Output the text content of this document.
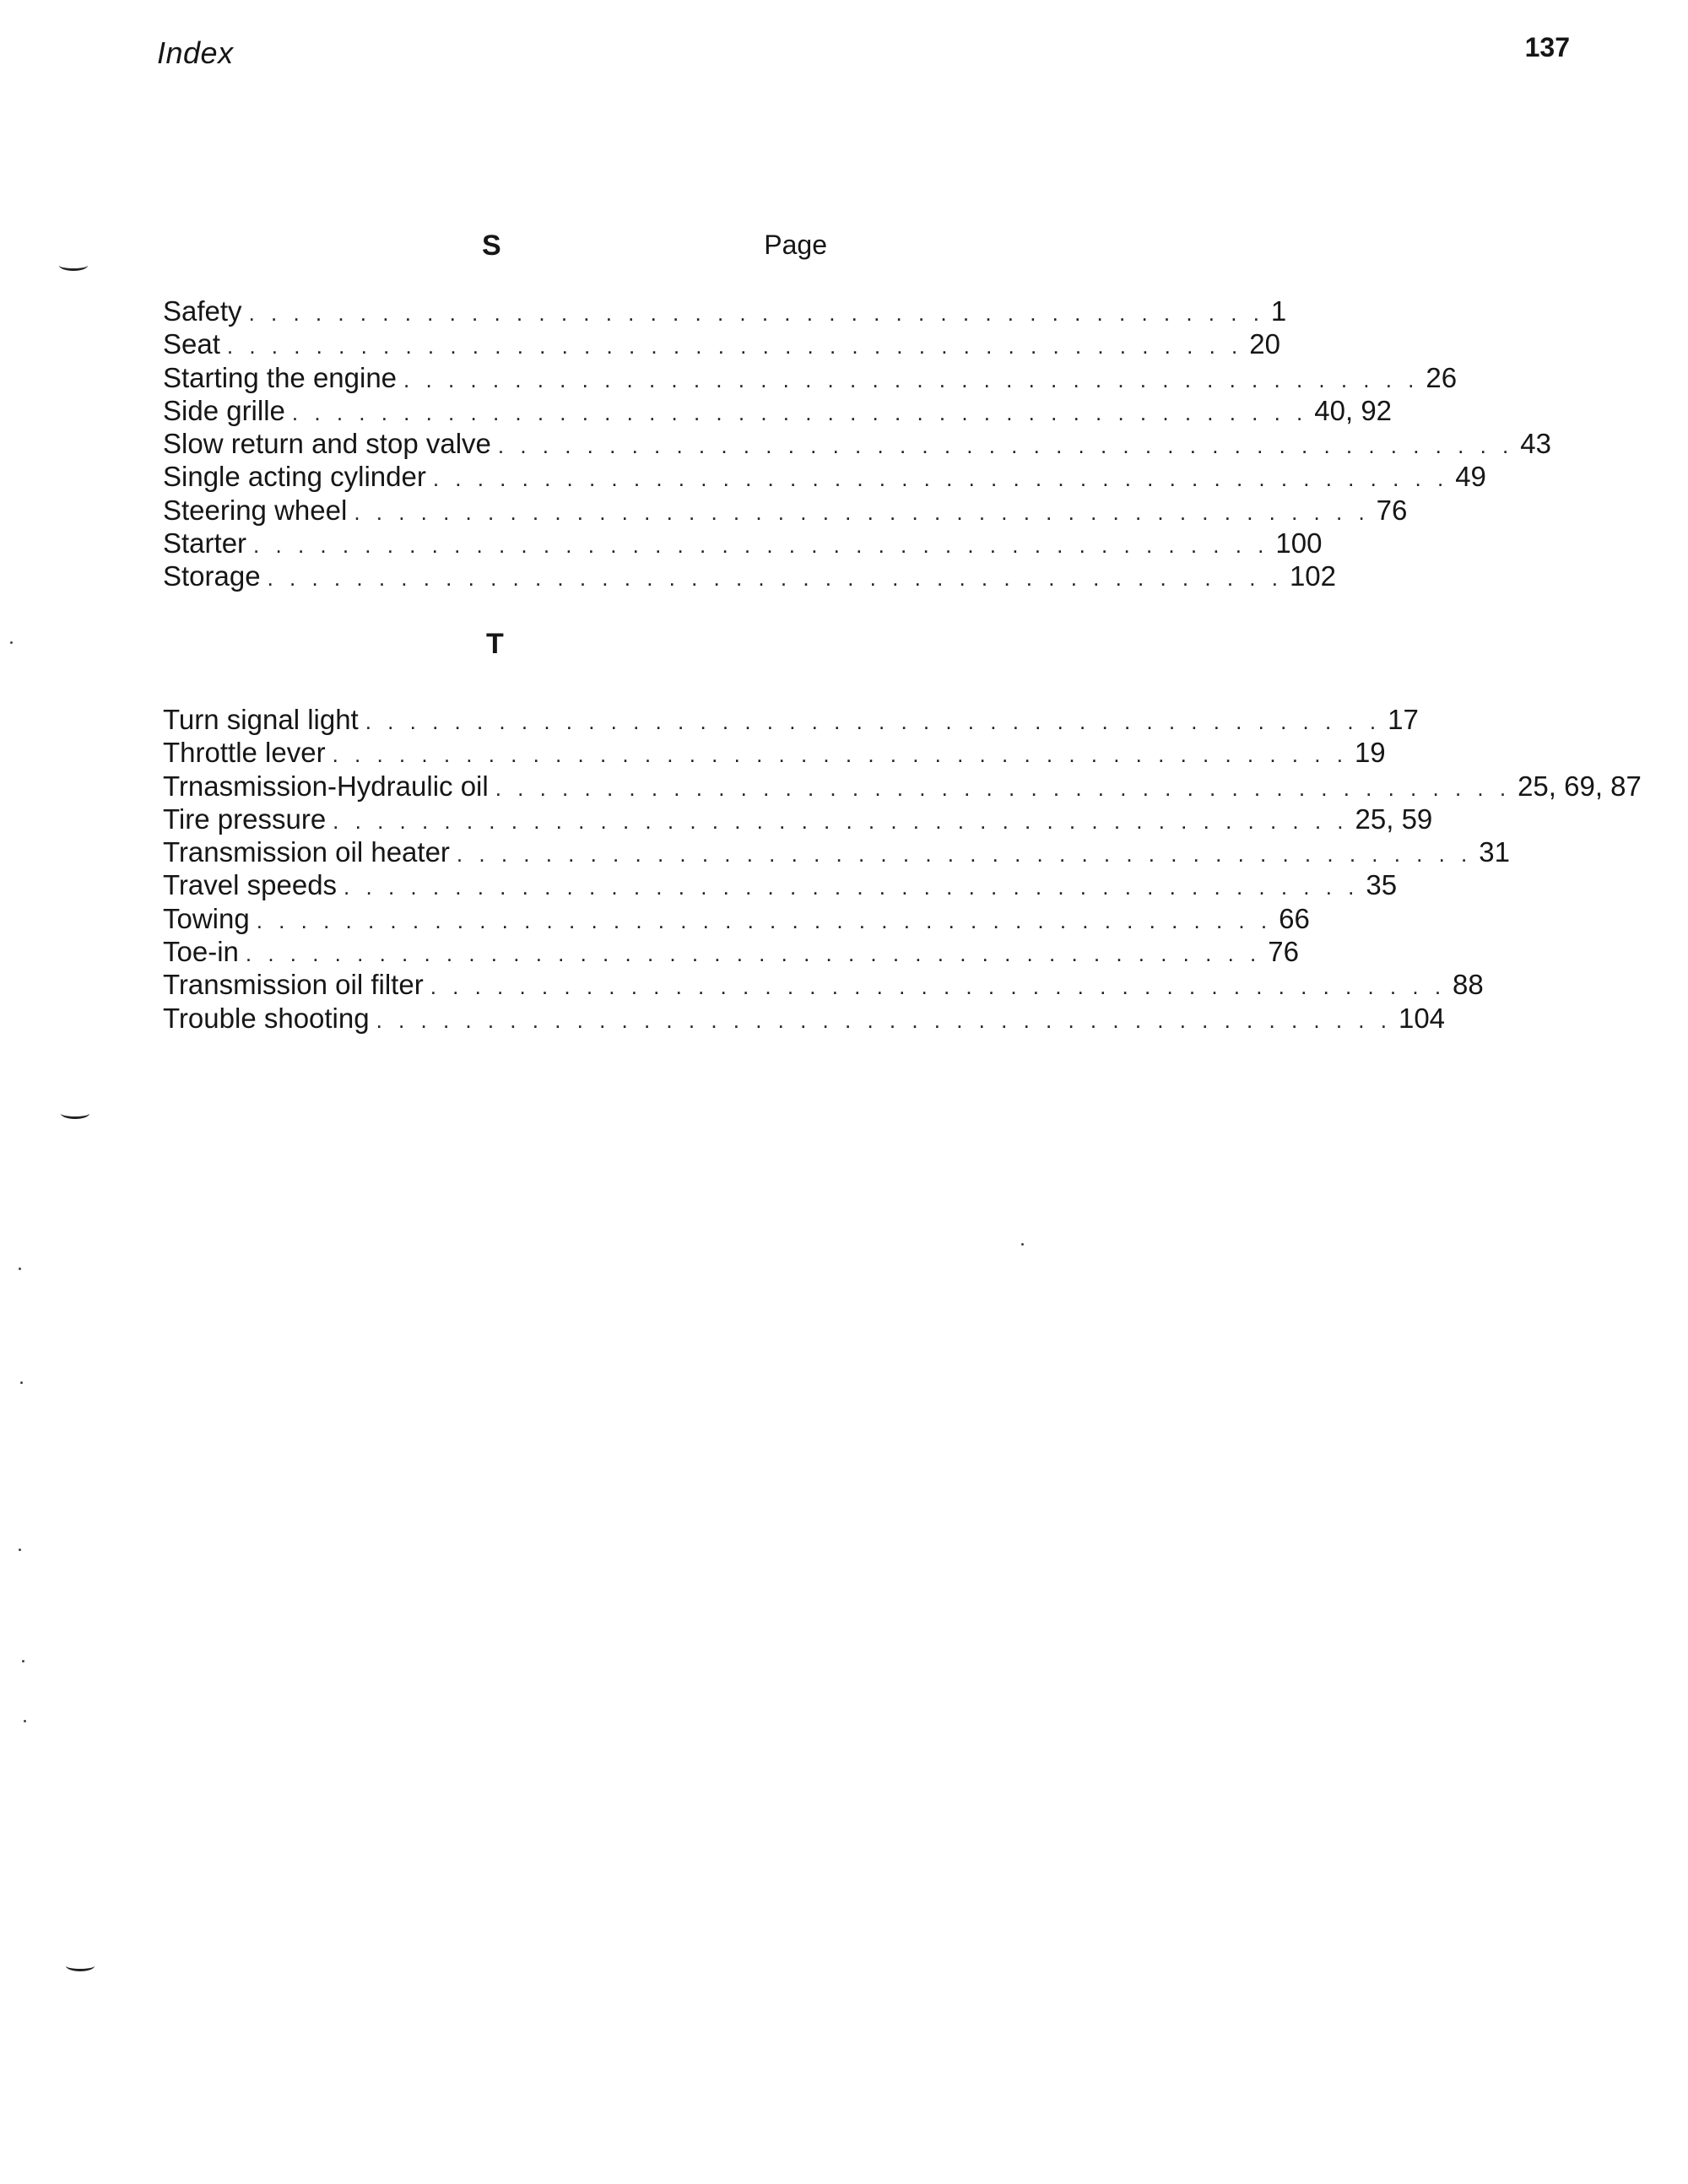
Index	137
S	Page
Safety . . . . . . . . . . . . . . . . . . . . . . . . . . . . . . . . . . . . . . . . . . . . . . 1
Seat . . . . . . . . . . . . . . . . . . . . . . . . . . . . . . . . . . . . . . . . . . . . . . 20
Starting the engine . . . . . . . . . . . . . . . . . . . . . . . . . . . . . . . . . . . . . . . . . . . . . . 26
Side grille . . . . . . . . . . . . . . . . . . . . . . . . . . . . . . . . . . . . . . . . . . . . . . 40, 92
Slow return and stop valve . . . . . . . . . . . . . . . . . . . . . . . . . . . . . . . . . . . . . . . . . . . . . . 43
Single acting cylinder . . . . . . . . . . . . . . . . . . . . . . . . . . . . . . . . . . . . . . . . . . . . . . 49
Steering wheel . . . . . . . . . . . . . . . . . . . . . . . . . . . . . . . . . . . . . . . . . . . . . . 76
Starter . . . . . . . . . . . . . . . . . . . . . . . . . . . . . . . . . . . . . . . . . . . . . . 100
Storage . . . . . . . . . . . . . . . . . . . . . . . . . . . . . . . . . . . . . . . . . . . . . . 102
T
Turn signal light . . . . . . . . . . . . . . . . . . . . . . . . . . . . . . . . . . . . . . . . . . . . . . 17
Throttle lever . . . . . . . . . . . . . . . . . . . . . . . . . . . . . . . . . . . . . . . . . . . . . . 19
Trnasmission-Hydraulic oil . . . . . . . . . . . . . . . . . . . . . . . . . . . . . . . . . . . . . . . . . . . . . . 25, 69, 87
Tire pressure . . . . . . . . . . . . . . . . . . . . . . . . . . . . . . . . . . . . . . . . . . . . . . 25, 59
Transmission oil heater . . . . . . . . . . . . . . . . . . . . . . . . . . . . . . . . . . . . . . . . . . . . . . 31
Travel speeds . . . . . . . . . . . . . . . . . . . . . . . . . . . . . . . . . . . . . . . . . . . . . . 35
Towing . . . . . . . . . . . . . . . . . . . . . . . . . . . . . . . . . . . . . . . . . . . . . . 66
Toe-in . . . . . . . . . . . . . . . . . . . . . . . . . . . . . . . . . . . . . . . . . . . . . . 76
Transmission oil filter . . . . . . . . . . . . . . . . . . . . . . . . . . . . . . . . . . . . . . . . . . . . . . 88
Trouble shooting . . . . . . . . . . . . . . . . . . . . . . . . . . . . . . . . . . . . . . . . . . . . . . 104
